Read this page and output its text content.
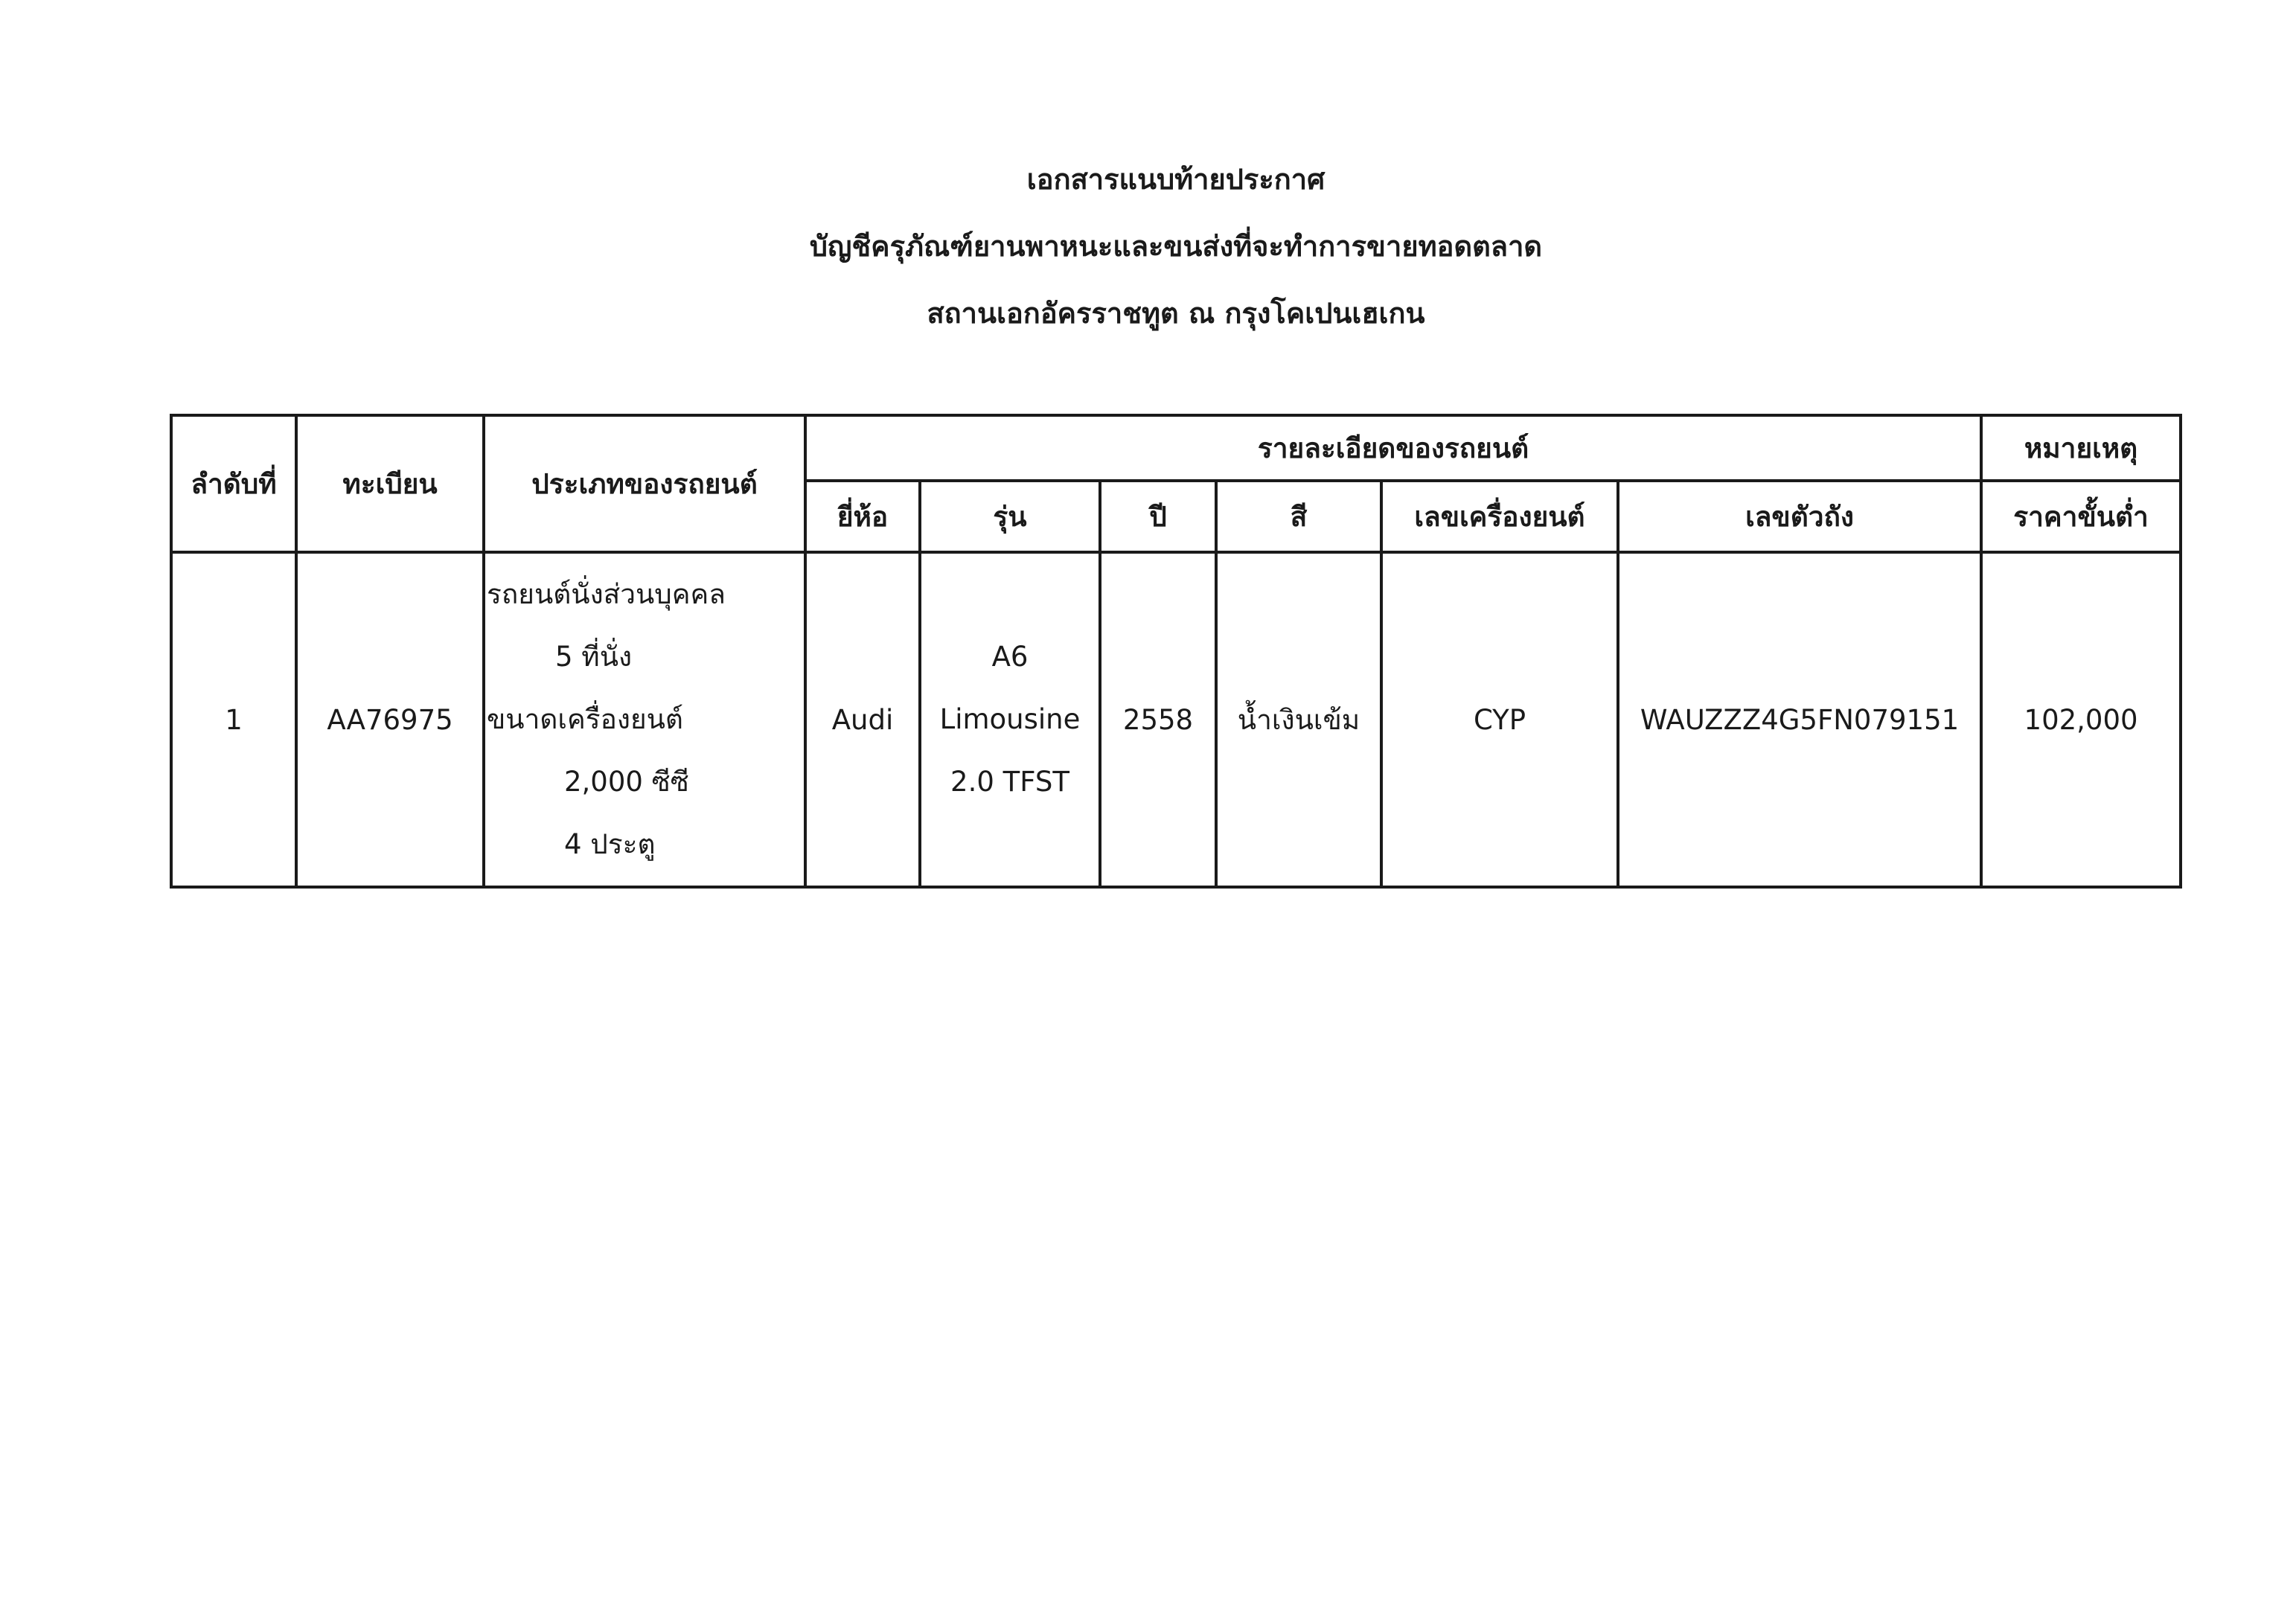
เอกสารแนบท้ายประกาศ
บัญชีครุภัณฑ์ยานพาหนะและขนส่งที่จะทำการขายทอดตลาด
สถานเอกอัครราชทูต ณ กรุงโคเปนเฮเกน
ลำดับที่	ทะเบียน	ประเภทของรถยนต์	รายละเอียดของรถยนต์						หมายเหตุ
			ยี่ห้อ	รุ่น	ปี	สี	เลขเครื่องยนต์	เลขตัวถัง	ราคาขั้นต่ำ
1	AA76975	รถยนต์นั่งส่วนบุคคล
5 ที่นั่ง
ขนาดเครื่องยนต์
2,000 ซีซี
4 ประตู	Audi	A6
Limousine
2.0 TFST	2558	น้ำเงินเข้ม	CYP	WAUZZZ4G5FN079151	102,000
